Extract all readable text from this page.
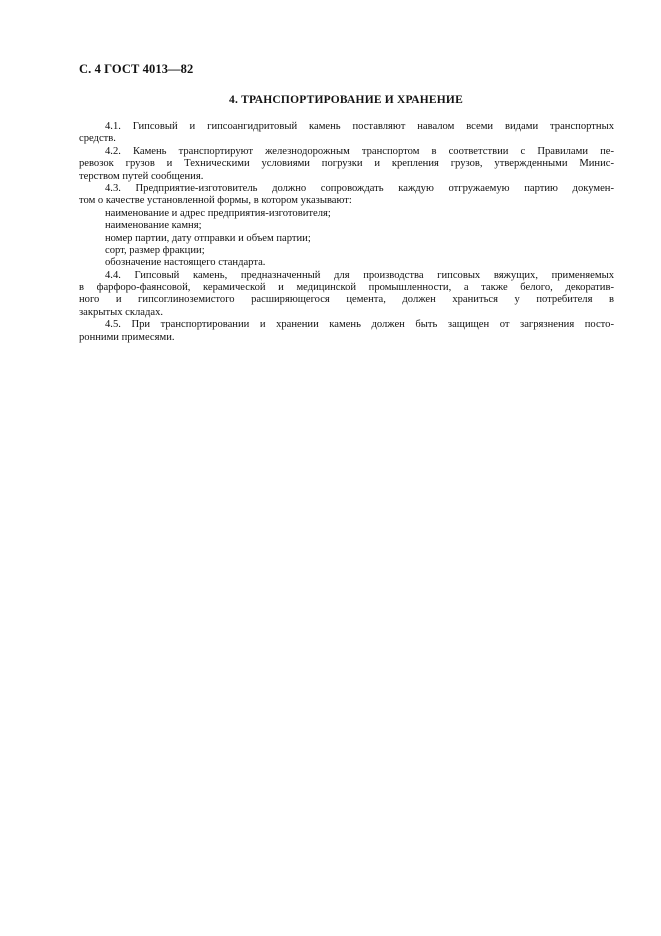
С. 4 ГОСТ 4013—82
4. ТРАНСПОРТИРОВАНИЕ И ХРАНЕНИЕ
4.1. Гипсовый и гипсоангидритовый камень поставляют навалом всеми видами транспортных
средств.
4.2. Камень транспортируют железнодорожным транспортом в соответствии с Правилами пе-
ревозок грузов и Техническими условиями погрузки и крепления грузов, утвержденными Минис-
терством путей сообщения.
4.3. Предприятие-изготовитель должно сопровождать каждую отгружаемую партию докумен-
том о качестве установленной формы, в котором указывают:
наименование и адрес предприятия-изготовителя;
наименование камня;
номер партии, дату отправки и объем партии;
сорт, размер фракции;
обозначение настоящего стандарта.
4.4. Гипсовый камень, предназначенный для производства гипсовых вяжущих, применяемых
в фарфоро-фаянсовой, керамической и медицинской промышленности, а также белого, декоратив-
ного и гипсоглиноземистого расширяющегося цемента, должен храниться у потребителя в
закрытых складах.
4.5. При транспортировании и хранении камень должен быть защищен от загрязнения посто-
ронними примесями.
